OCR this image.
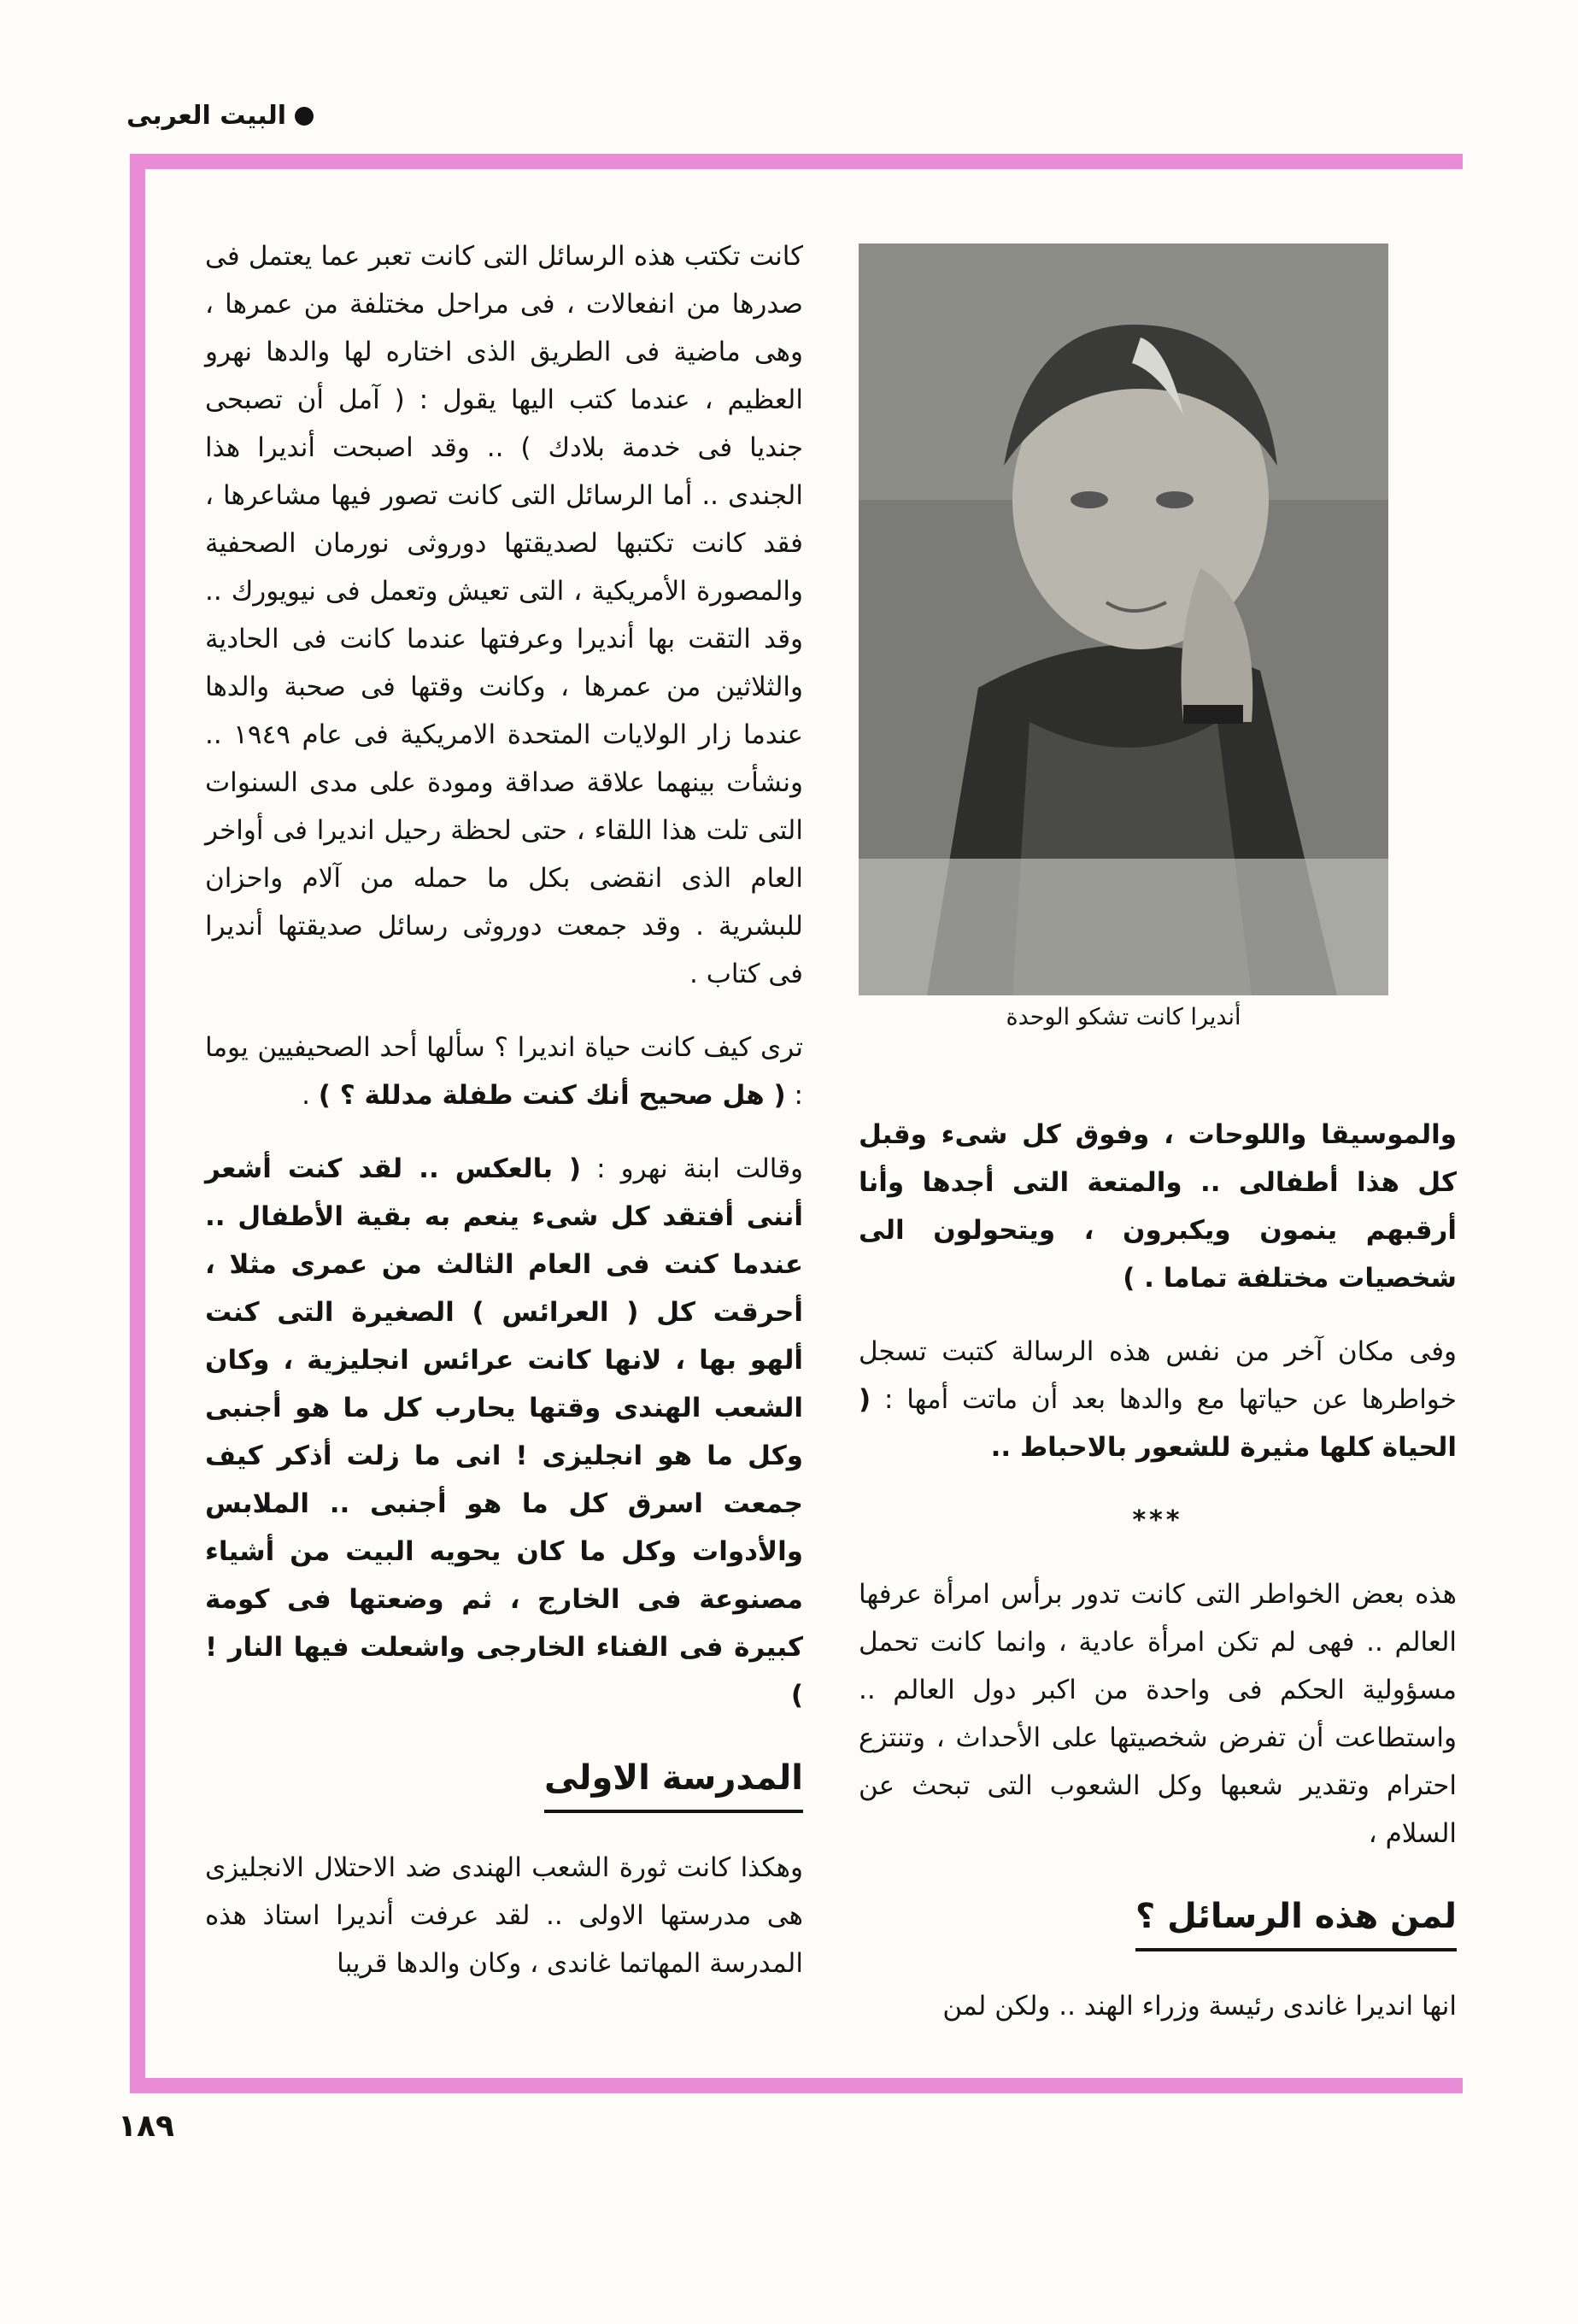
البيت العربى
أنديرا كانت تشكو الوحدة

كانت تكتب هذه الرسائل التى كانت تعبر عما يعتمل فى صدرها من انفعالات ، فى مراحل مختلفة من عمرها ، وهى ماضية فى الطريق الذى اختاره لها والدها نهرو العظيم ، عندما كتب اليها يقول : ( آمل أن تصبحى جنديا فى خدمة بلادك ) .. وقد اصبحت أنديرا هذا الجندى .. أما الرسائل التى كانت تصور فيها مشاعرها ، فقد كانت تكتبها لصديقتها دوروثى نورمان الصحفية والمصورة الأمريكية ، التى تعيش وتعمل فى نيويورك .. وقد التقت بها أنديرا وعرفتها عندما كانت فى الحادية والثلاثين من عمرها ، وكانت وقتها فى صحبة والدها عندما زار الولايات المتحدة الامريكية فى عام ١٩٤٩ .. ونشأت بينهما علاقة صداقة ومودة على مدى السنوات التى تلت هذا اللقاء ، حتى لحظة رحيل انديرا فى أواخر العام الذى انقضى بكل ما حمله من آلام واحزان للبشرية . وقد جمعت دوروثى رسائل صديقتها أنديرا فى كتاب .

ترى كيف كانت حياة انديرا ؟ سألها أحد الصحيفيين يوما : ( هل صحيح أنك كنت طفلة مدللة ؟ ) .

وقالت ابنة نهرو : ( بالعكس .. لقد كنت أشعر أننى أفتقد كل شىء ينعم به بقية الأطفال .. عندما كنت فى العام الثالث من عمرى مثلا ، أحرقت كل ( العرائس ) الصغيرة التى كنت ألهو بها ، لانها كانت عرائس انجليزية ، وكان الشعب الهندى وقتها يحارب كل ما هو أجنبى وكل ما هو انجليزى ! انى ما زلت أذكر كيف جمعت اسرق كل ما هو أجنبى .. الملابس والأدوات وكل ما كان يحويه البيت من أشياء مصنوعة فى الخارج ، ثم وضعتها فى كومة كبيرة فى الفناء الخارجى واشعلت فيها النار ! )

المدرسة الاولى

وهكذا كانت ثورة الشعب الهندى ضد الاحتلال الانجليزى هى مدرستها الاولى .. لقد عرفت أنديرا استاذ هذه المدرسة المهاتما غاندى ، وكان والدها قريبا

والموسيقا واللوحات ، وفوق كل شىء وقبل كل هذا أطفالى .. والمتعة التى أجدها وأنا أرقبهم ينمون ويكبرون ، ويتحولون الى شخصيات مختلفة تماما . )

وفى مكان آخر من نفس هذه الرسالة كتبت تسجل خواطرها عن حياتها مع والدها بعد أن ماتت أمها : ( الحياة كلها مثيرة للشعور بالاحباط ..

***

هذه بعض الخواطر التى كانت تدور برأس امرأة عرفها العالم .. فهى لم تكن امرأة عادية ، وانما كانت تحمل مسؤولية الحكم فى واحدة من اكبر دول العالم .. واستطاعت أن تفرض شخصيتها على الأحداث ، وتنتزع احترام وتقدير شعبها وكل الشعوب التى تبحث عن السلام ،

لمن هذه الرسائل ؟

انها انديرا غاندى رئيسة وزراء الهند .. ولكن لمن

١٨٩
